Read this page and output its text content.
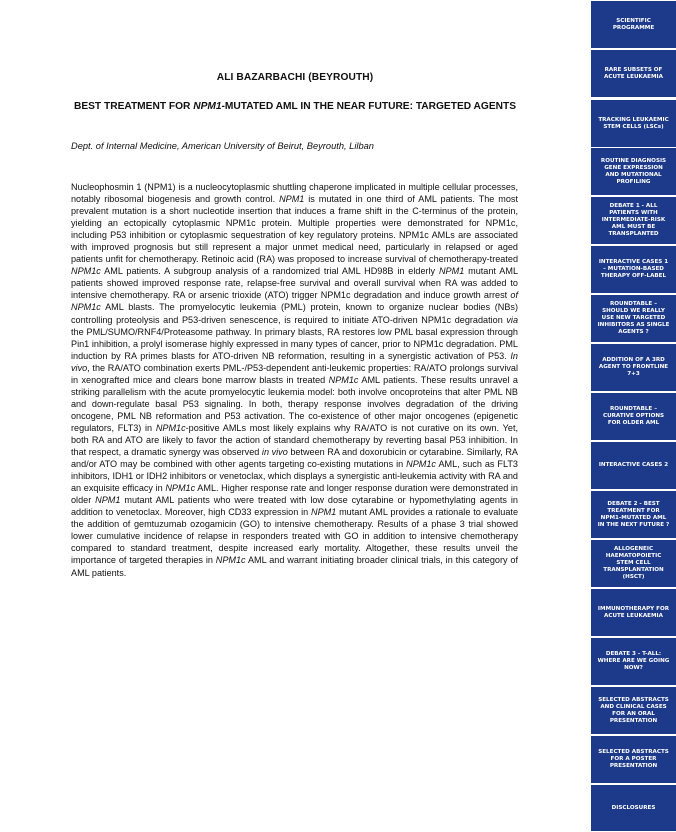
ALI BAZARBACHI (BEYROUTH)
BEST TREATMENT FOR NPM1-MUTATED AML IN THE NEAR FUTURE: TARGETED AGENTS
Dept. of Internal Medicine, American University of Beirut, Beyrouth, Lilban

Nucleophosmin 1 (NPM1) is a nucleocytoplasmic shuttling chaperone implicated in multiple cellular processes, notably ribosomal biogenesis and growth control. NPM1 is mutated in one third of AML patients. The most prevalent mutation is a short nucleotide insertion that induces a frame shift in the C-terminus of the protein, yielding an ectopically cytoplasmic NPM1c protein. Multiple properties were demonstrated for NPM1c, including P53 inhibition or cytoplasmic sequestration of key regulatory proteins. NPM1c AMLs are associated with improved prognosis but still represent a major unmet medical need, particularly in relapsed or aged patients unfit for chemotherapy. Retinoic acid (RA) was proposed to increase survival of chemotherapy-treated NPM1c AML patients. A subgroup analysis of a randomized trial AML HD98B in elderly NPM1 mutant AML patients showed improved response rate, relapse-free survival and overall survival when RA was added to intensive chemotherapy. RA or arsenic trioxide (ATO) trigger NPM1c degradation and induce growth arrest of NPM1c AML blasts. The promyelocytic leukemia (PML) protein, known to organize nuclear bodies (NBs) controlling proteolysis and P53-driven senescence, is required to initiate ATO-driven NPM1c degradation via the PML/SUMO/RNF4/Proteasome pathway. In primary blasts, RA restores low PML basal expression through Pin1 inhibition, a prolyl isomerase highly expressed in many types of cancer, prior to NPM1c degradation. PML induction by RA primes blasts for ATO-driven NB reformation, resulting in a synergistic activation of P53. In vivo, the RA/ATO combination exerts PML-/P53-dependent anti-leukemic properties: RA/ATO prolongs survival in xenografted mice and clears bone marrow blasts in treated NPM1c AML patients. These results unravel a striking parallelism with the acute promyelocytic leukemia model: both involve oncoproteins that alter PML NB and down-regulate basal P53 signaling. In both, therapy response involves degradation of the driving oncogene, PML NB reformation and P53 activation. The co-existence of other major oncogenes (epigenetic regulators, FLT3) in NPM1c-positive AMLs most likely explains why RA/ATO is not curative on its own. Yet, both RA and ATO are likely to favor the action of standard chemotherapy by reverting basal P53 inhibition. In that respect, a dramatic synergy was observed in vivo between RA and doxorubicin or cytarabine. Similarly, RA and/or ATO may be combined with other agents targeting co-existing mutations in NPM1c AML, such as FLT3 inhibitors, IDH1 or IDH2 inhibitors or venetoclax, which displays a synergistic anti-leukemia activity with RA and an exquisite efficacy in NPM1c AML. Higher response rate and longer response duration were demonstrated in older NPM1 mutant AML patients who were treated with low dose cytarabine or hypomethylating agents in addition to venetoclax. Moreover, high CD33 expression in NPM1 mutant AML provides a rationale to evaluate the addition of gemtuzumab ozogamicin (GO) to intensive chemotherapy. Results of a phase 3 trial showed lower cumulative incidence of relapse in responders treated with GO in addition to intensive chemotherapy compared to standard treatment, despite increased early mortality. Altogether, these results unveil the importance of targeted therapies in NPM1c AML and warrant initiating broader clinical trials, in this category of AML patients.

SCIENTIFIC PROGRAMME
RARE SUBSETS OF ACUTE LEUKAEMIA
TRACKING LEUKAEMIC STEM CELLS (LSCs)
ROUTINE DIAGNOSIS GENE EXPRESSION AND MUTATIONAL PROFILING
DEBATE 1 - ALL PATIENTS WITH INTERMEDIATE-RISK AML MUST BE TRANSPLANTED
INTERACTIVE CASES 1 – MUTATION-BASED THERAPY OFF-LABEL
ROUNDTABLE – SHOULD WE REALLY USE NEW TARGETED INHIBITORS AS SINGLE AGENTS ?
ADDITION OF A 3RD AGENT TO FRONTLINE 7+3
ROUNDTABLE – CURATIVE OPTIONS FOR OLDER AML
INTERACTIVE CASES 2
DEBATE 2 - BEST TREATMENT FOR NPM1-MUTATED AML IN THE NEXT FUTURE ?
ALLOGENEIC HAEMATOPOIETIC STEM CELL TRANSPLANTATION (HSCT)
IMMUNOTHERAPY FOR ACUTE LEUKAEMIA
DEBATE 3 - T-ALL: WHERE ARE WE GOING NOW?
SELECTED ABSTRACTS AND CLINICAL CASES FOR AN ORAL PRESENTATION
SELECTED ABSTRACTS FOR A POSTER PRESENTATION
DISCLOSURES
